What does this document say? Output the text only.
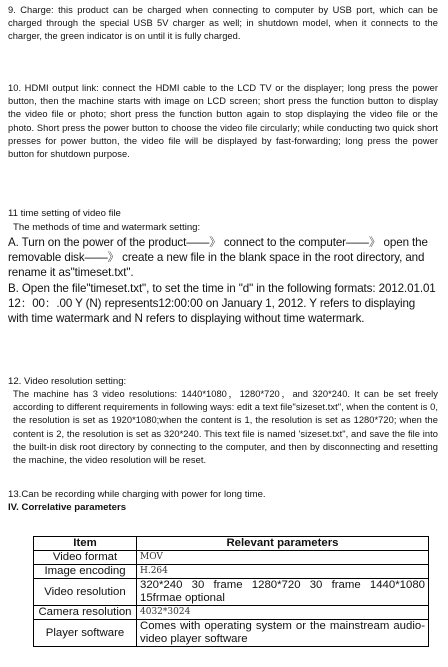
9. Charge: this product can be charged when connecting to computer by USB port, which can be charged through the special USB 5V charger as well; in shutdown model, when it connects to the charger, the green indicator is on until it is fully charged.

10. HDMI output link: connect the HDMI cable to the LCD TV or the displayer; long press the power button, then the machine starts with image on LCD screen; short press the function button to display the video file or photo; short press the function button again to stop displaying the video file or the photo. Short press the power button to choose the video file circularly; while conducting two quick short presses for power button, the video file will be displayed by fast-forwarding; long press the power button for shutdown purpose.

11 time setting of video file

The methods of time and watermark setting:

A. Turn on the power of the product——》 connect to the computer——》 open the removable disk——》 create a new file in the blank space in the root directory, and rename it as"timeset.txt".

B. Open the file"timeset.txt", to set the time in "d" in the following formats: 2012.01.01 12：00：.00 Y (N) represents12:00:00 on January 1, 2012. Y refers to displaying with time watermark and N refers to displaying without time watermark.

12. Video resolution setting:

The machine has 3 video resolutions: 1440*1080，1280*720，and 320*240. It can be set freely according to different requirements in following ways: edit a text file"sizeset.txt", when the content is 0, the resolution is set as 1920*1080;when the content is 1, the resolution is set as 1280*720; when the content is 2, the resolution is set as 320*240. This text file is named 'sizeset.txt", and save the file into the built-in disk root directory by connecting to the computer, and then by disconnecting and resetting the machine, the video resolution will be reset.

13.Can be recording while charging with power for long time.

IV. Correlative parameters

Item	Relevant parameters
Video format	MOV
Image encoding	H.264
Video resolution	320*240 30 frame 1280*720 30 frame 1440*1080 15frmae optional
Camera resolution	4032*3024
Player software	Comes with operating system or the mainstream audio-video player software
